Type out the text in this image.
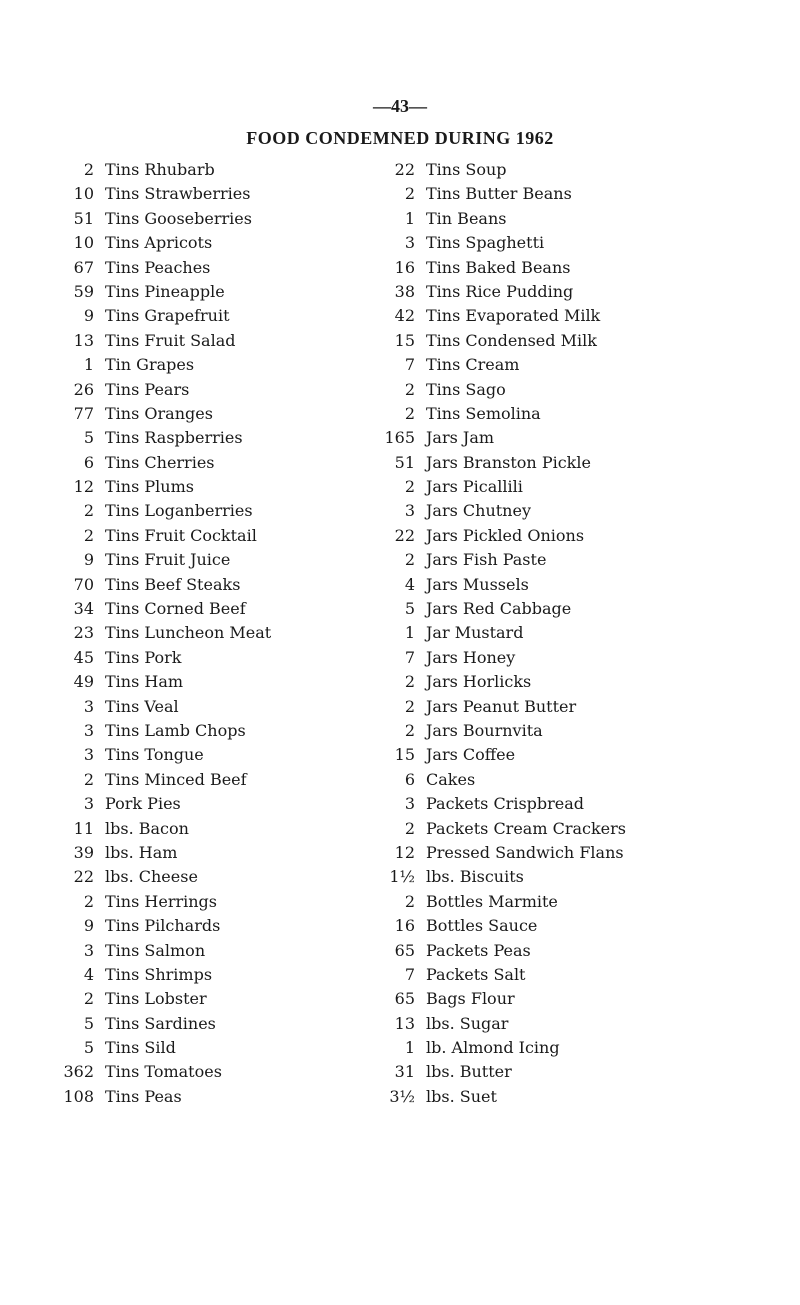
—43—
FOOD CONDEMNED DURING 1962
2 Tins Rhubarb	22 Tins Soup
10 Tins Strawberries	2 Tins Butter Beans
51 Tins Gooseberries	1 Tin Beans
10 Tins Apricots	3 Tins Spaghetti
67 Tins Peaches	16 Tins Baked Beans
59 Tins Pineapple	38 Tins Rice Pudding
9 Tins Grapefruit	42 Tins Evaporated Milk
13 Tins Fruit Salad	15 Tins Condensed Milk
1 Tin Grapes	7 Tins Cream
26 Tins Pears	2 Tins Sago
77 Tins Oranges	2 Tins Semolina
5 Tins Raspberries	165 Jars Jam
6 Tins Cherries	51 Jars Branston Pickle
12 Tins Plums	2 Jars Picallili
2 Tins Loganberries	3 Jars Chutney
2 Tins Fruit Cocktail	22 Jars Pickled Onions
9 Tins Fruit Juice	2 Jars Fish Paste
70 Tins Beef Steaks	4 Jars Mussels
34 Tins Corned Beef	5 Jars Red Cabbage
23 Tins Luncheon Meat	1 Jar Mustard
45 Tins Pork	7 Jars Honey
49 Tins Ham	2 Jars Horlicks
3 Tins Veal	2 Jars Peanut Butter
3 Tins Lamb Chops	2 Jars Bournvita
3 Tins Tongue	15 Jars Coffee
2 Tins Minced Beef	6 Cakes
3 Pork Pies	3 Packets Crispbread
11 lbs. Bacon	2 Packets Cream Crackers
39 lbs. Ham	12 Pressed Sandwich Flans
22 lbs. Cheese	1½ lbs. Biscuits
2 Tins Herrings	2 Bottles Marmite
9 Tins Pilchards	16 Bottles Sauce
3 Tins Salmon	65 Packets Peas
4 Tins Shrimps	7 Packets Salt
2 Tins Lobster	65 Bags Flour
5 Tins Sardines	13 lbs. Sugar
5 Tins Sild	1 lb. Almond Icing
362 Tins Tomatoes	31 lbs. Butter
108 Tins Peas	3½ lbs. Suet
